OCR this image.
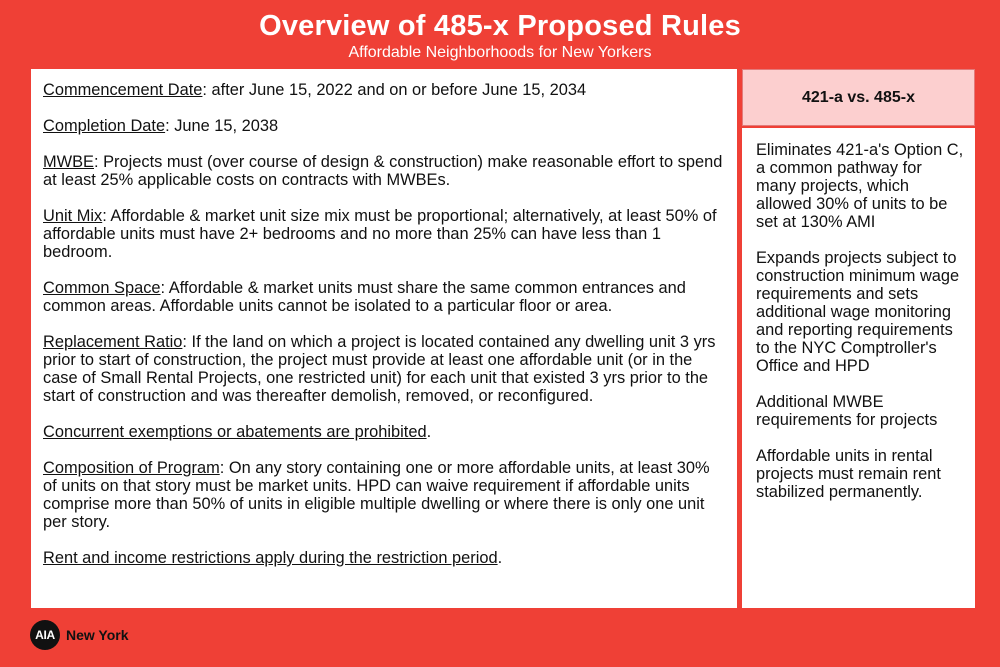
Overview of 485-x Proposed Rules
Affordable Neighborhoods for New Yorkers
Commencement Date: after June 15, 2022 and on or before June 15, 2034
Completion Date: June 15, 2038
MWBE: Projects must (over course of design & construction) make reasonable effort to spend at least 25% applicable costs on contracts with MWBEs.
Unit Mix: Affordable & market unit size mix must be proportional; alternatively, at least 50% of affordable units must have 2+ bedrooms and no more than 25% can have less than 1 bedroom.
Common Space: Affordable & market units must share the same common entrances and common areas. Affordable units cannot be isolated to a particular floor or area.
Replacement Ratio: If the land on which a project is located contained any dwelling unit 3 yrs prior to start of construction, the project must provide at least one affordable unit (or in the case of Small Rental Projects, one restricted unit) for each unit that existed 3 yrs prior to the start of construction and was thereafter demolish, removed, or reconfigured.
Concurrent exemptions or abatements are prohibited.
Composition of Program: On any story containing one or more affordable units, at least 30% of units on that story must be market units. HPD can waive requirement if affordable units comprise more than 50% of units in eligible multiple dwelling or where there is only one unit per story.
Rent and income restrictions apply during the restriction period.
421-a vs. 485-x
Eliminates 421-a's Option C, a common pathway for many projects, which allowed 30% of units to be set at 130% AMI
Expands projects subject to construction minimum wage requirements and sets additional wage monitoring and reporting requirements to the NYC Comptroller's Office and HPD
Additional MWBE requirements for projects
Affordable units in rental projects must remain rent stabilized permanently.
AIA New York
